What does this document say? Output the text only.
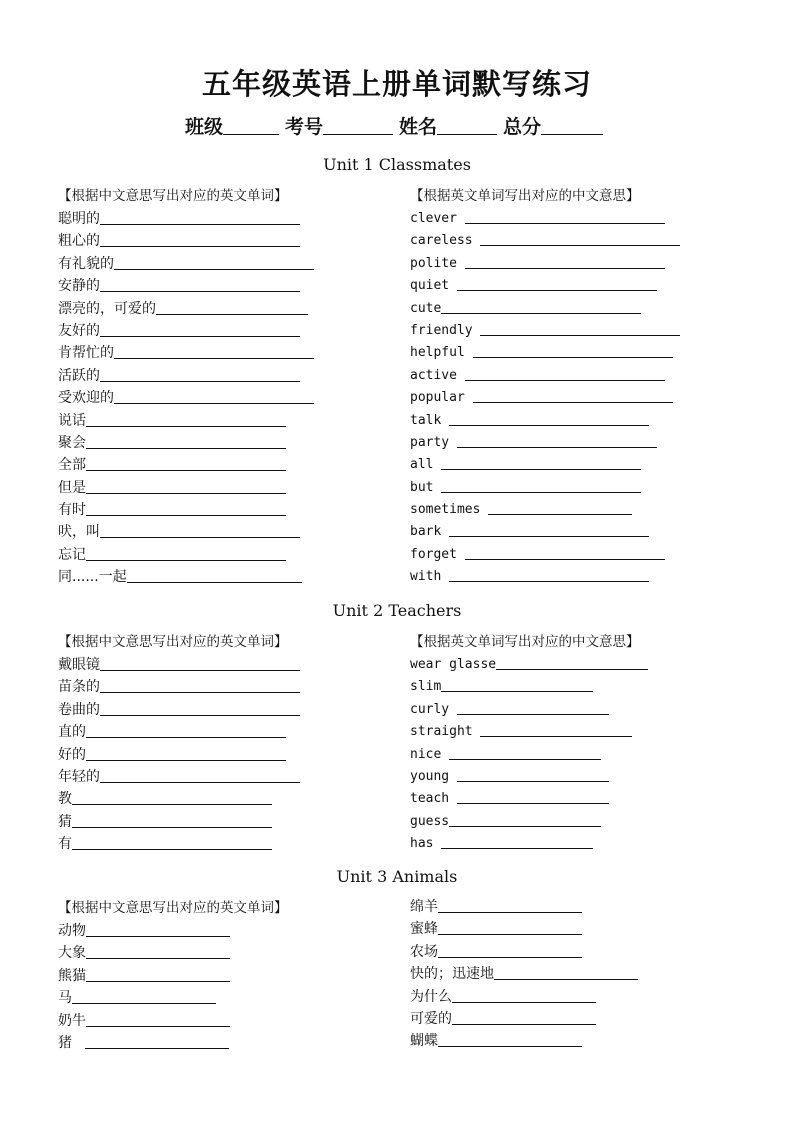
五年级英语上册单词默写练习
班级	考号	姓名	总分
Unit 1 Classmates
【根据中文意思写出对应的英文单词】
聪明的
粗心的
有礼貌的
安静的
漂亮的，可爱的
友好的
肯帮忙的
活跃的
受欢迎的
说话
聚会
全部
但是
有时
吠，叫
忘记
同......一起
【根据英文单词写出对应的中文意思】
clever
careless
polite
quiet
cute
friendly
helpful
active
popular
talk
party
all
but
sometimes
bark
forget
with
Unit 2 Teachers
【根据中文意思写出对应的英文单词】
戴眼镜
苗条的
卷曲的
直的
好的
年轻的
教
猜
有
【根据英文单词写出对应的中文意思】
wear glasse
slim
curly
straight
nice
young
teach
guess
has
Unit 3 Animals
【根据中文意思写出对应的英文单词】
动物
大象
熊猫
马
奶牛
猪
绵羊
蜜蜂
农场
快的；迅速地
为什么
可爱的
蝴蝶
